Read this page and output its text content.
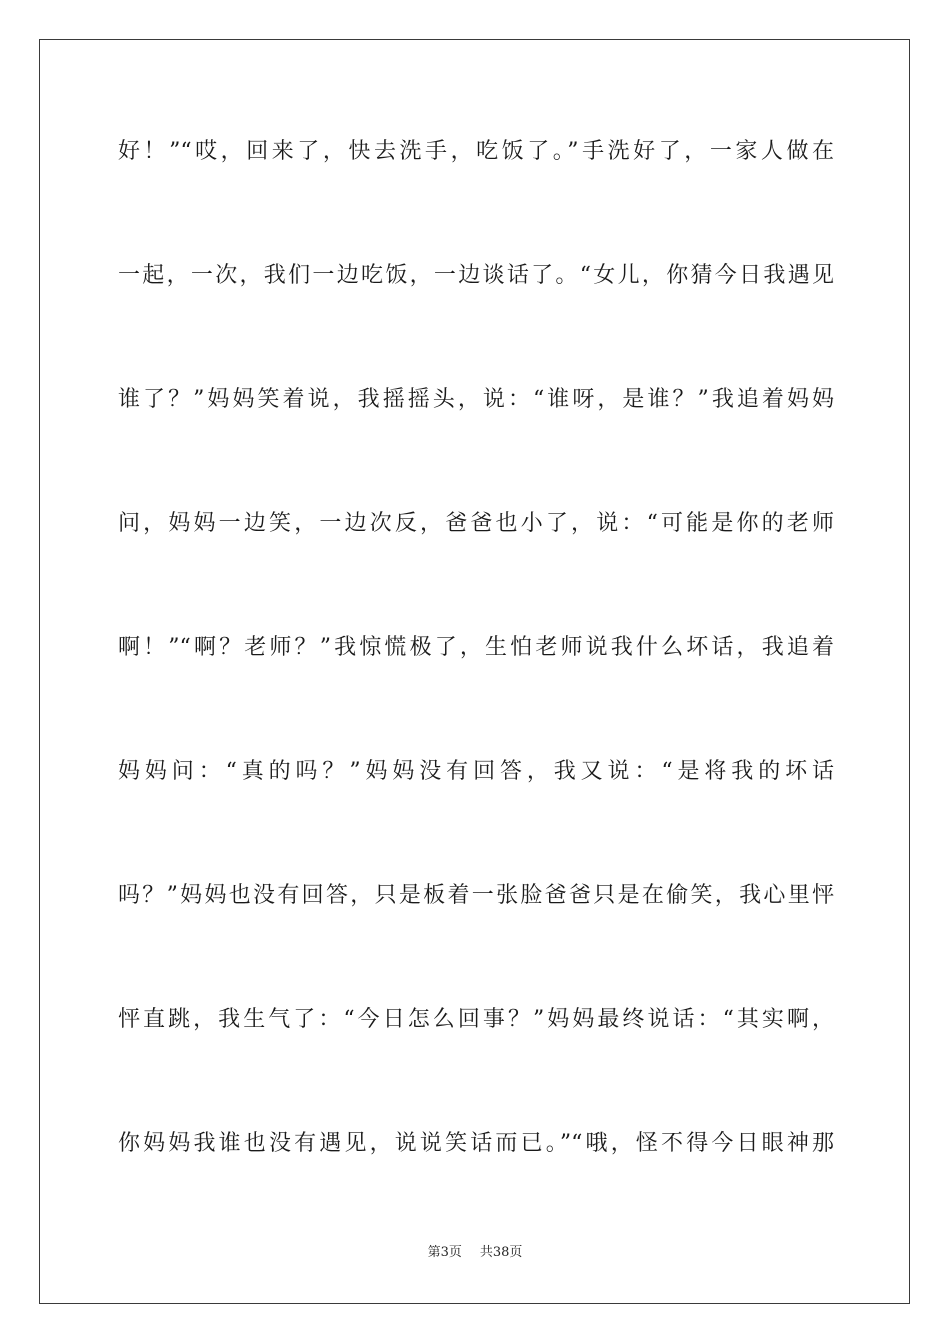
好！”“哎，回来了，快去洗手，吃饭了。”手洗好了，一家人做在
一起，一次，我们一边吃饭，一边谈话了。“女儿，你猜今日我遇见
谁了？”妈妈笑着说，我摇摇头，说：“谁呀，是谁？”我追着妈妈
问，妈妈一边笑，一边次反，爸爸也小了，说：“可能是你的老师
啊！”“啊？老师？”我惊慌极了，生怕老师说我什么坏话，我追着
妈妈问：“真的吗？”妈妈没有回答，我又说：“是将我的坏话
吗？”妈妈也没有回答，只是板着一张脸爸爸只是在偷笑，我心里怦
怦直跳，我生气了：“今日怎么回事？”妈妈最终说话：“其实啊，
你妈妈我谁也没有遇见，说说笑话而已。”“哦，怪不得今日眼神那
第3页 共38页
